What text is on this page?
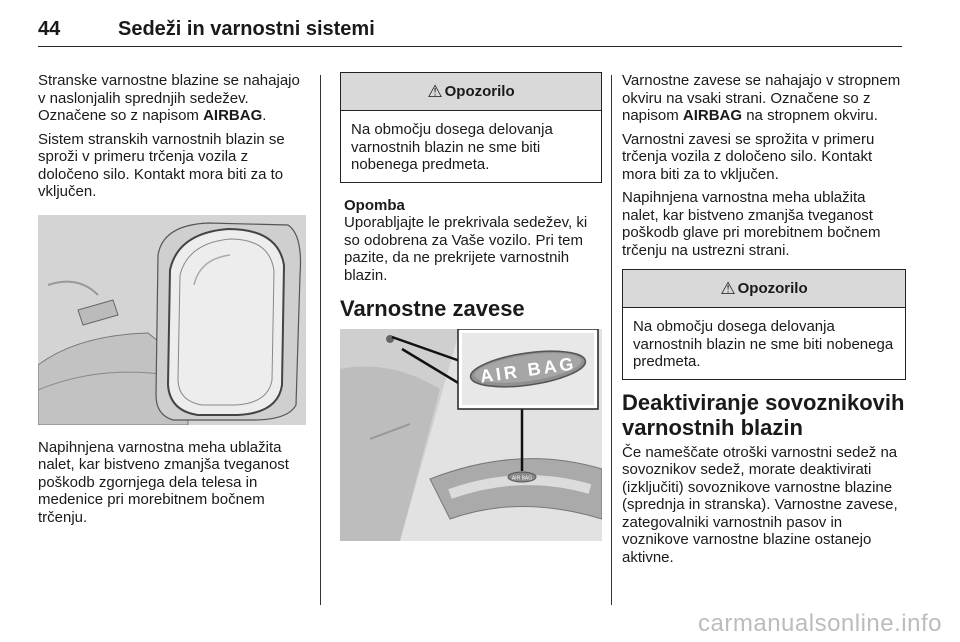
44	Sedeži in varnostni sistemi

Stranske varnostne blazine se nahajajo v naslonjalih sprednjih sedežev. Označene so z napisom AIRBAG.

Sistem stranskih varnostnih blazin se sproži v primeru trčenja vozila z določeno silo. Kontakt mora biti za to vključen.

Napihnjena varnostna meha ublažita nalet, kar bistveno zmanjša tveganost poškodb zgornjega dela telesa in medenice pri morebitnem bočnem trčenju.

⚠ Opozorilo
Na območju dosega delovanja varnostnih blazin ne sme biti nobenega predmeta.
Opomba
Uporabljajte le prekrivala sedežev, ki so odobrena za Vaše vozilo. Pri tem pazite, da ne prekrijete varnostnih blazin.
Varnostne zavese
AIR BAG
AIR BAG

Varnostne zavese se nahajajo v stropnem okviru na vsaki strani. Označene so z napisom AIRBAG na stropnem okviru.

Varnostni zavesi se sprožita v primeru trčenja vozila z določeno silo. Kontakt mora biti za to vključen.

Napihnjena varnostna meha ublažita nalet, kar bistveno zmanjša tveganost poškodb glave pri morebitnem bočnem trčenju na ustrezni strani.

⚠ Opozorilo
Na območju dosega delovanja varnostnih blazin ne sme biti nobenega predmeta.
Deaktiviranje sovoznikovih varnostnih blazin

Če nameščate otroški varnostni sedež na sovoznikov sedež, morate deaktivirati (izključiti) sovoznikove varnostne blazine (sprednja in stranska). Varnostne zavese, zategovalniki varnostnih pasov in voznikove varnostne blazine ostanejo aktivne.

carmanualsonline.info
